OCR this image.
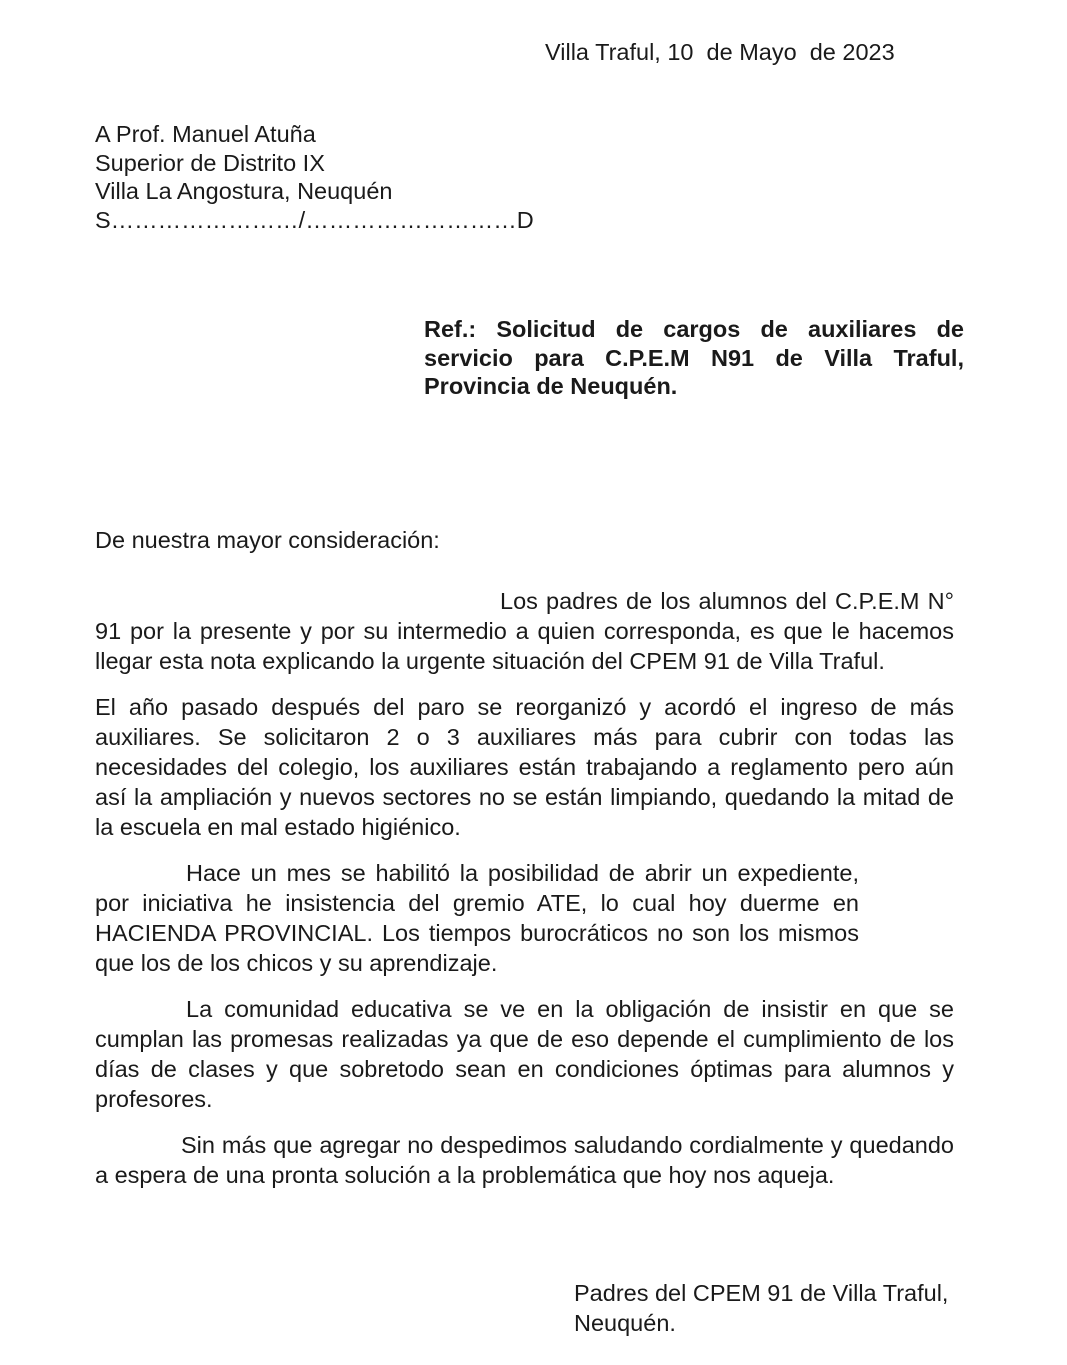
Villa Traful, 10  de Mayo  de 2023
A Prof. Manuel Atuña
Superior de Distrito IX
Villa La Angostura, Neuquén
S……………………/………………………D
Ref.: Solicitud de cargos de auxiliares de servicio para C.P.E.M N91 de Villa Traful, Provincia de Neuquén.
De nuestra mayor consideración:

Los padres de los alumnos del C.P.E.M N° 91 por la presente y por su intermedio a quien corresponda, es que le hacemos llegar esta nota explicando la urgente situación del CPEM 91 de Villa Traful.

El año pasado después del paro se reorganizó y acordó el ingreso de más auxiliares. Se solicitaron 2 o 3 auxiliares más para cubrir con todas las necesidades del colegio, los auxiliares están trabajando a reglamento pero aún así la ampliación y nuevos sectores no se están limpiando, quedando la mitad de la escuela en mal estado higiénico.

Hace un mes se habilitó la posibilidad de abrir un expediente, por iniciativa he insistencia del gremio ATE, lo cual hoy duerme en HACIENDA PROVINCIAL. Los tiempos burocráticos no son los mismos que los de los chicos y su aprendizaje.

La comunidad educativa se ve en la obligación de insistir en que se cumplan las promesas realizadas ya que de eso depende el cumplimiento de los días de clases y que sobretodo sean en condiciones óptimas para alumnos y profesores.

Sin más que agregar no despedimos saludando cordialmente y quedando a espera de una pronta solución a la problemática que hoy nos aqueja.

Padres del CPEM 91 de Villa Traful,
Neuquén.
